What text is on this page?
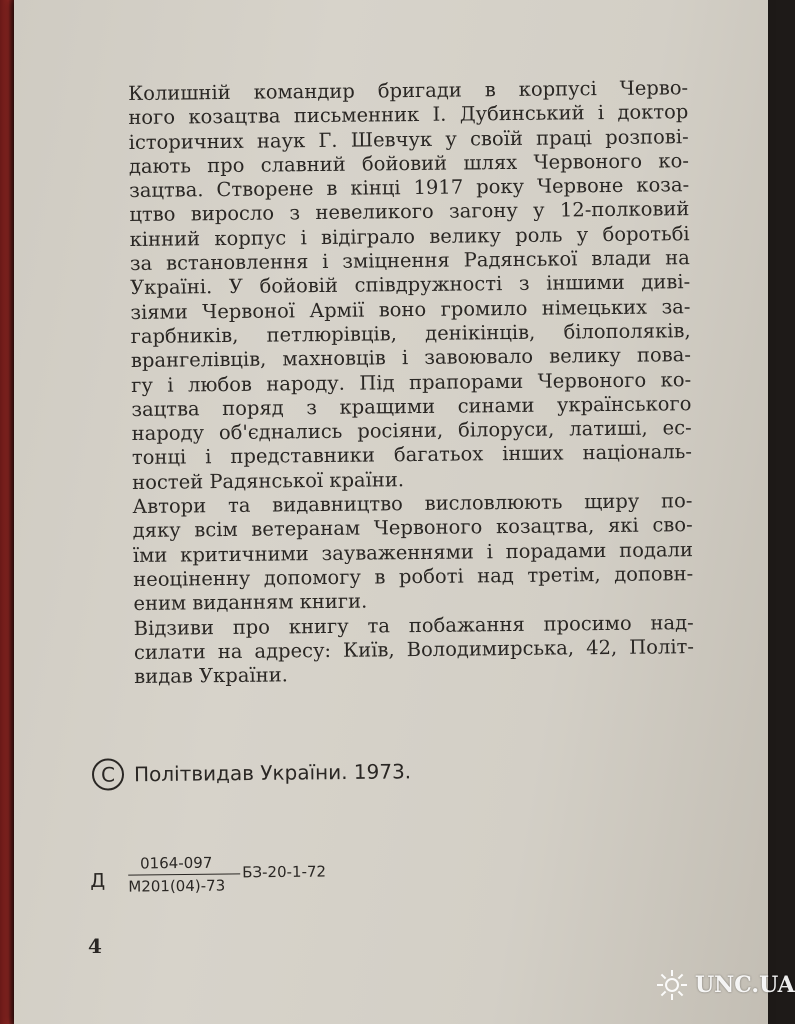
Колишній командир бригади в корпусі Черво-
ного козацтва письменник І. Дубинський і доктор
історичних наук Г. Шевчук у своїй праці розпові-
дають про славний бойовий шлях Червоного ко-
зацтва. Створене в кінці 1917 року Червоне коза-
цтво виросло з невеликого загону у 12-полковий
кінний корпус і відіграло велику роль у боротьбі
за встановлення і зміцнення Радянської влади на
Україні. У бойовій співдружності з іншими диві-
зіями Червоної Армії воно громило німецьких за-
гарбників, петлюрівців, денікінців, білополяків,
врангелівців, махновців і завоювало велику пова-
гу і любов народу. Під прапорами Червоного ко-
зацтва поряд з кращими синами українського
народу об'єднались росіяни, білоруси, латиші, ес-
тонці і представники багатьох інших національ-
ностей Радянської країни.
Автори та видавництво висловлюють щиру по-
дяку всім ветеранам Червоного козацтва, які сво-
їми критичними зауваженнями і порадами подали
неоціненну допомогу в роботі над третім, доповн-
еним виданням книги.
Відзиви про книгу та побажання просимо над-
силати на адресу: Київ, Володимирська, 42, Політ-
видав України.
C Політвидав України. 1973.
Д
0164-097
М201(04)-73
БЗ-20-1-72
4
UNC.UA
